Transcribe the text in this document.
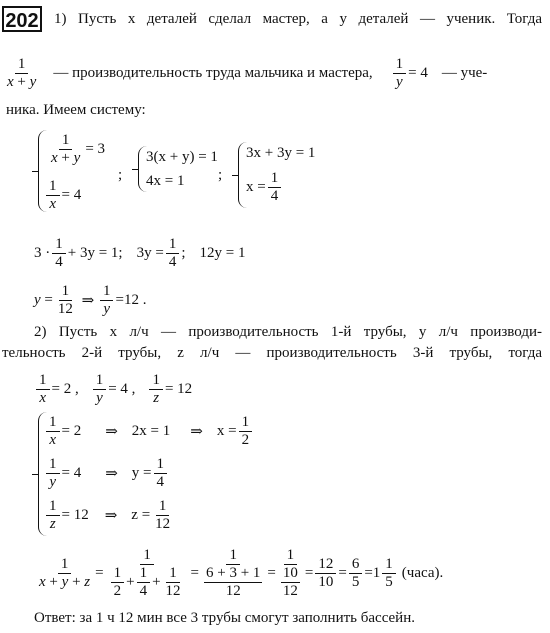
202 1) Пусть x деталей сделал мастер, а y деталей — ученик. Тогда
$\frac{1}{x + y}$ — производительность труда мальчика и мастера, $\frac{1}{y} = 4$ — уче-
ника. Имеем систему:
$\frac{1}{x + y} = 3$
$\frac{1}{x} = 4$
;
3(x + y) = 1
4x = 1 ;
3x + 3y = 1
$x = \frac{1}{4}$
$3 \cdot \frac{1}{4} + 3y = 1$; $3y = \frac{1}{4}$ ; 12y = 1
$y = \frac{1}{12}$ ⇒ $\frac{1}{y} = 12$ .
2) Пусть x л/ч — производительность 1-й трубы, y л/ч производи-
тельность 2-й трубы, z л/ч — производительность 3-й трубы, тогда
$\frac{1}{x} = 2$ , $\frac{1}{y} = 4$ , $\frac{1}{z} = 12$
$\frac{1}{x} = 2$ ⇒ 2x = 1 ⇒ $x = \frac{1}{2}$
$\frac{1}{y} = 4$ ⇒ $y = \frac{1}{4}$
$\frac{1}{z} = 12$ ⇒ $z = \frac{1}{12}$
$\frac{1}{x + y + z} = \frac{1}{\frac{1}{2} + \frac{1}{4} + \frac{1}{12}} = 1$
6 + 3 + 1
12 = 1
10
$12 = \frac{12}{10} = \frac{6}{5} = 1 \frac{1}{5}$ (часа).
Ответ: за 1 ч 12 мин все 3 трубы смогут заполнить бассейн.
